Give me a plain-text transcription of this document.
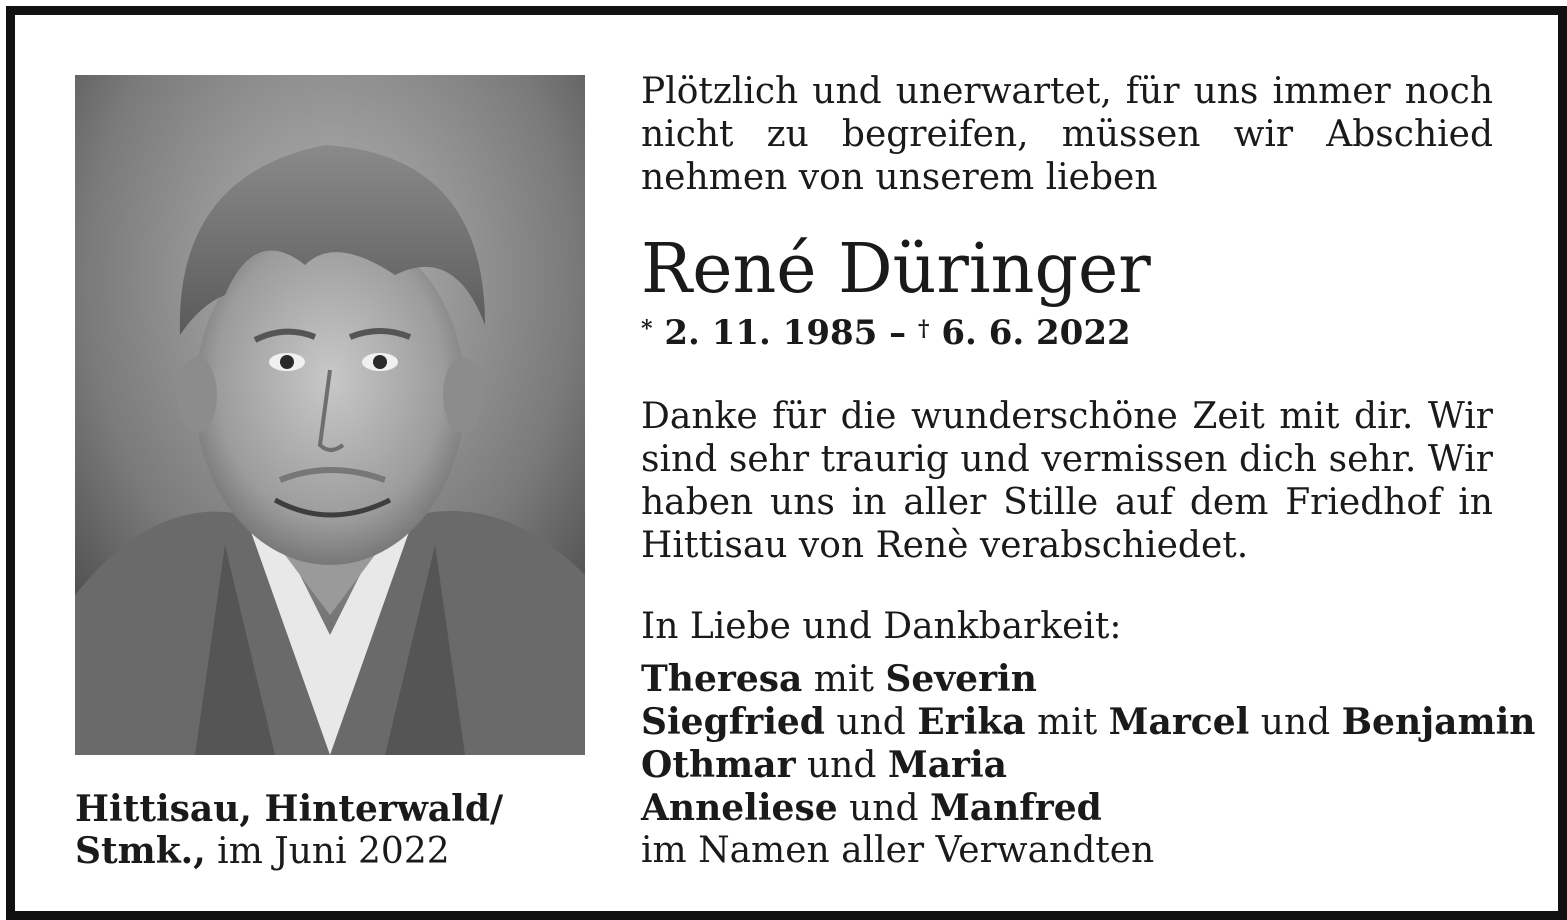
Hittisau, Hinterwald/
Stmk., im Juni 2022
Plötzlich und unerwartet, für uns immer noch nicht zu begreifen, müssen wir Abschied nehmen von unserem lieben
René Düringer
* 2. 11. 1985 – † 6. 6. 2022
Danke für die wunderschöne Zeit mit dir. Wir sind sehr traurig und vermissen dich sehr. Wir haben uns in aller Stille auf dem Friedhof in Hittisau von Renè verabschiedet.
In Liebe und Dankbarkeit:
Theresa mit Severin
Siegfried und Erika mit Marcel und Benjamin
Othmar und Maria
Anneliese und Manfred
im Namen aller Verwandten
